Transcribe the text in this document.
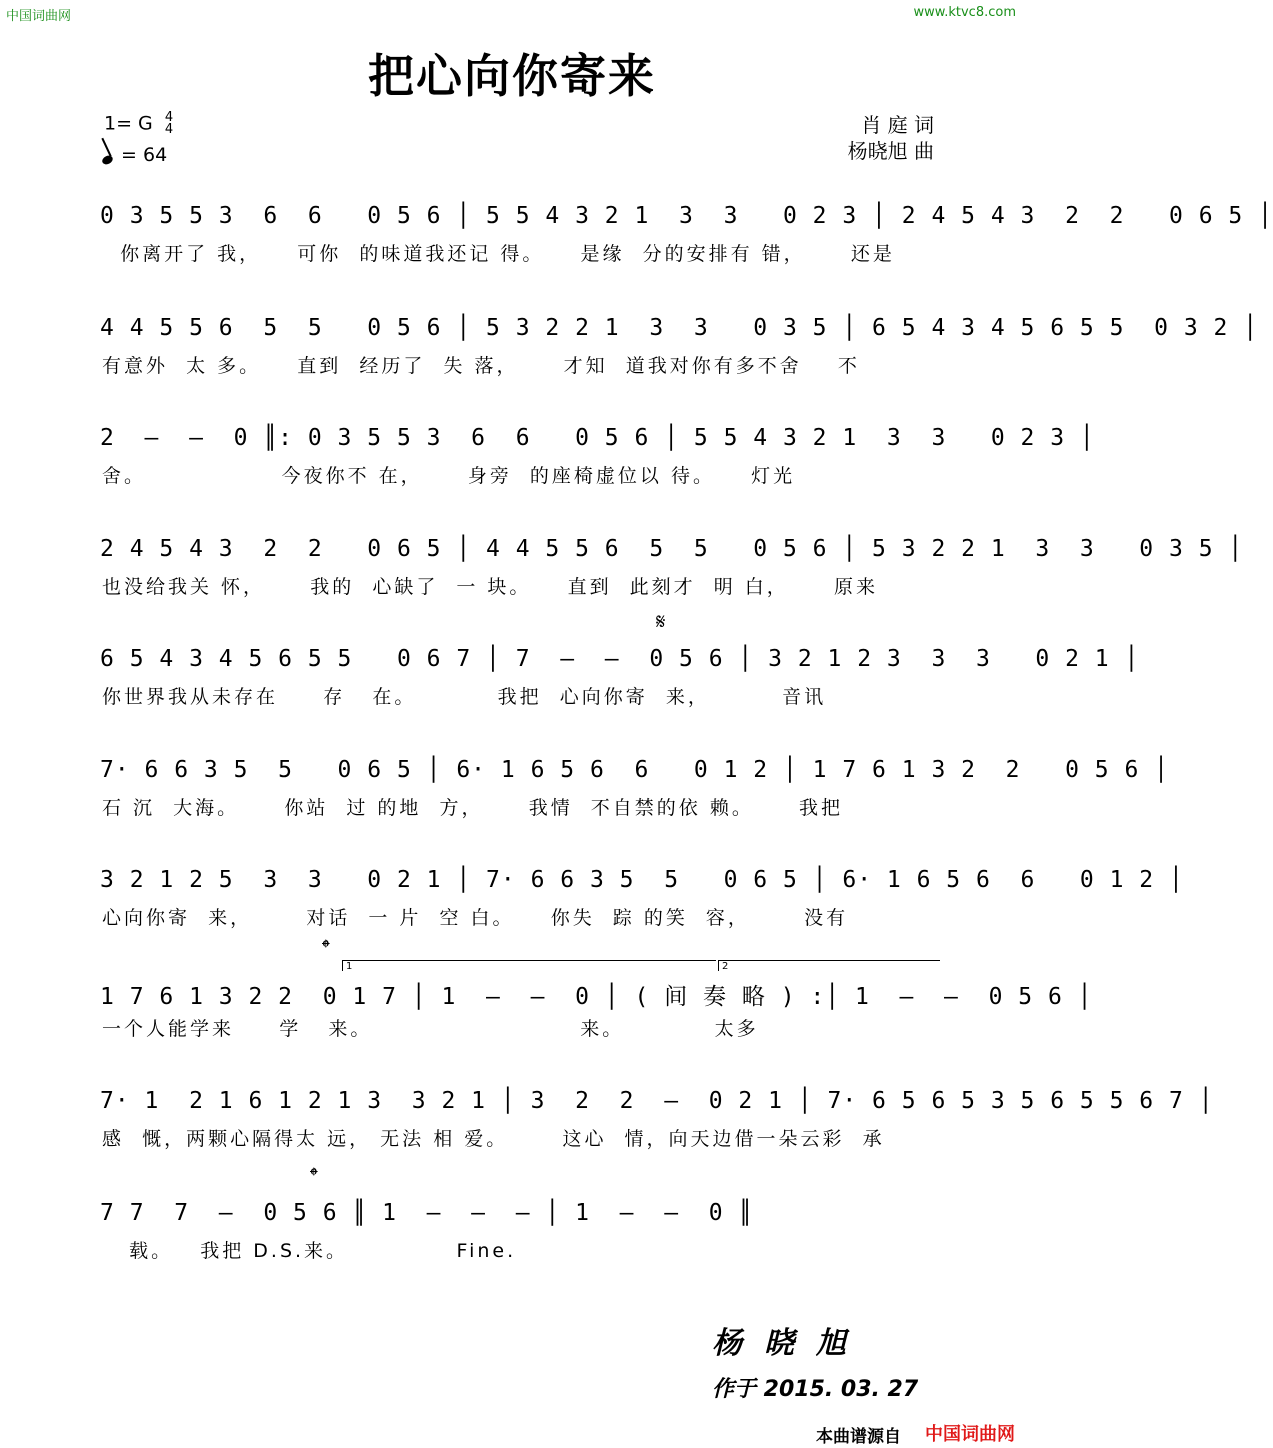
中国词曲网	www.ktvc8.com
把心向你寄来
1= G 4
4
= 64
肖 庭 词
杨晓旭 曲
0 3 5 5 3  6  6   0 5 6 │ 5 5 4 3 2 1  3  3   0 2 3 │ 2 4 5 4 3  2  2   0 6 5 │
你离开了 我，    可你  的味道我还记 得。    是缘  分的安排有 错，     还是
4 4 5 5 6  5  5   0 5 6 │ 5 3 2 2 1  3  3   0 3 5 │ 6 5 4 3 4 5 6 5 5  0 3 2 │
有意外  太 多。    直到  经历了  失 落，     才知  道我对你有多不舍    不
2  —  —  0 ║: 0 3 5 5 3  6  6   0 5 6 │ 5 5 4 3 2 1  3  3   0 2 3 │
舍。               今夜你不 在，     身旁  的座椅虚位以 待。    灯光
2 4 5 4 3  2  2   0 6 5 │ 4 4 5 5 6  5  5   0 5 6 │ 5 3 2 2 1  3  3   0 3 5 │
也没给我关 怀，     我的  心缺了  一 块。    直到  此刻才  明 白，     原来
𝄋
6 5 4 3 4 5 6 5 5   0 6 7 │ 7  —  —  0 5 6 │ 3 2 1 2 3  3  3   0 2 1 │
你世界我从未存在     存   在。         我把  心向你寄  来，        音讯
7· 6 6 3 5  5   0 6 5 │ 6· 1 6 5 6  6   0 1 2 │ 1 7 6 1 3 2  2   0 5 6 │
石 沉  大海。     你站  过 的地  方，     我情  不自禁的依 赖。     我把
3 2 1 2 5  3  3   0 2 1 │ 7· 6 6 3 5  5   0 6 5 │ 6· 1 6 5 6  6   0 1 2 │
心向你寄  来，      对话  一 片  空 白。    你失  踪 的笑  容，      没有
𝄌
1	2
1 7 6 1 3 2 2  0 1 7 │ 1  —  —  0 │ ( 间 奏 略 ) :│ 1  —  —  0 5 6 │
一个人能学来     学   来。                       来。          太多
7· 1  2 1 6 1 2 1 3  3 2 1 │ 3  2  2  —  0 2 1 │ 7· 6 5 6 5 3 5 6 5 5 6 7 │
感  慨，两颗心隔得太 远， 无法 相 爱。      这心  情，向天边借一朵云彩  承
𝄌
7 7  7  —  0 5 6 ║ 1  —  —  — │ 1  —  —  0 ║
载。   我把 D.S.来。            Fine.
杨晓旭
作于 2015. 03. 27
本曲谱源自 中国词曲网
